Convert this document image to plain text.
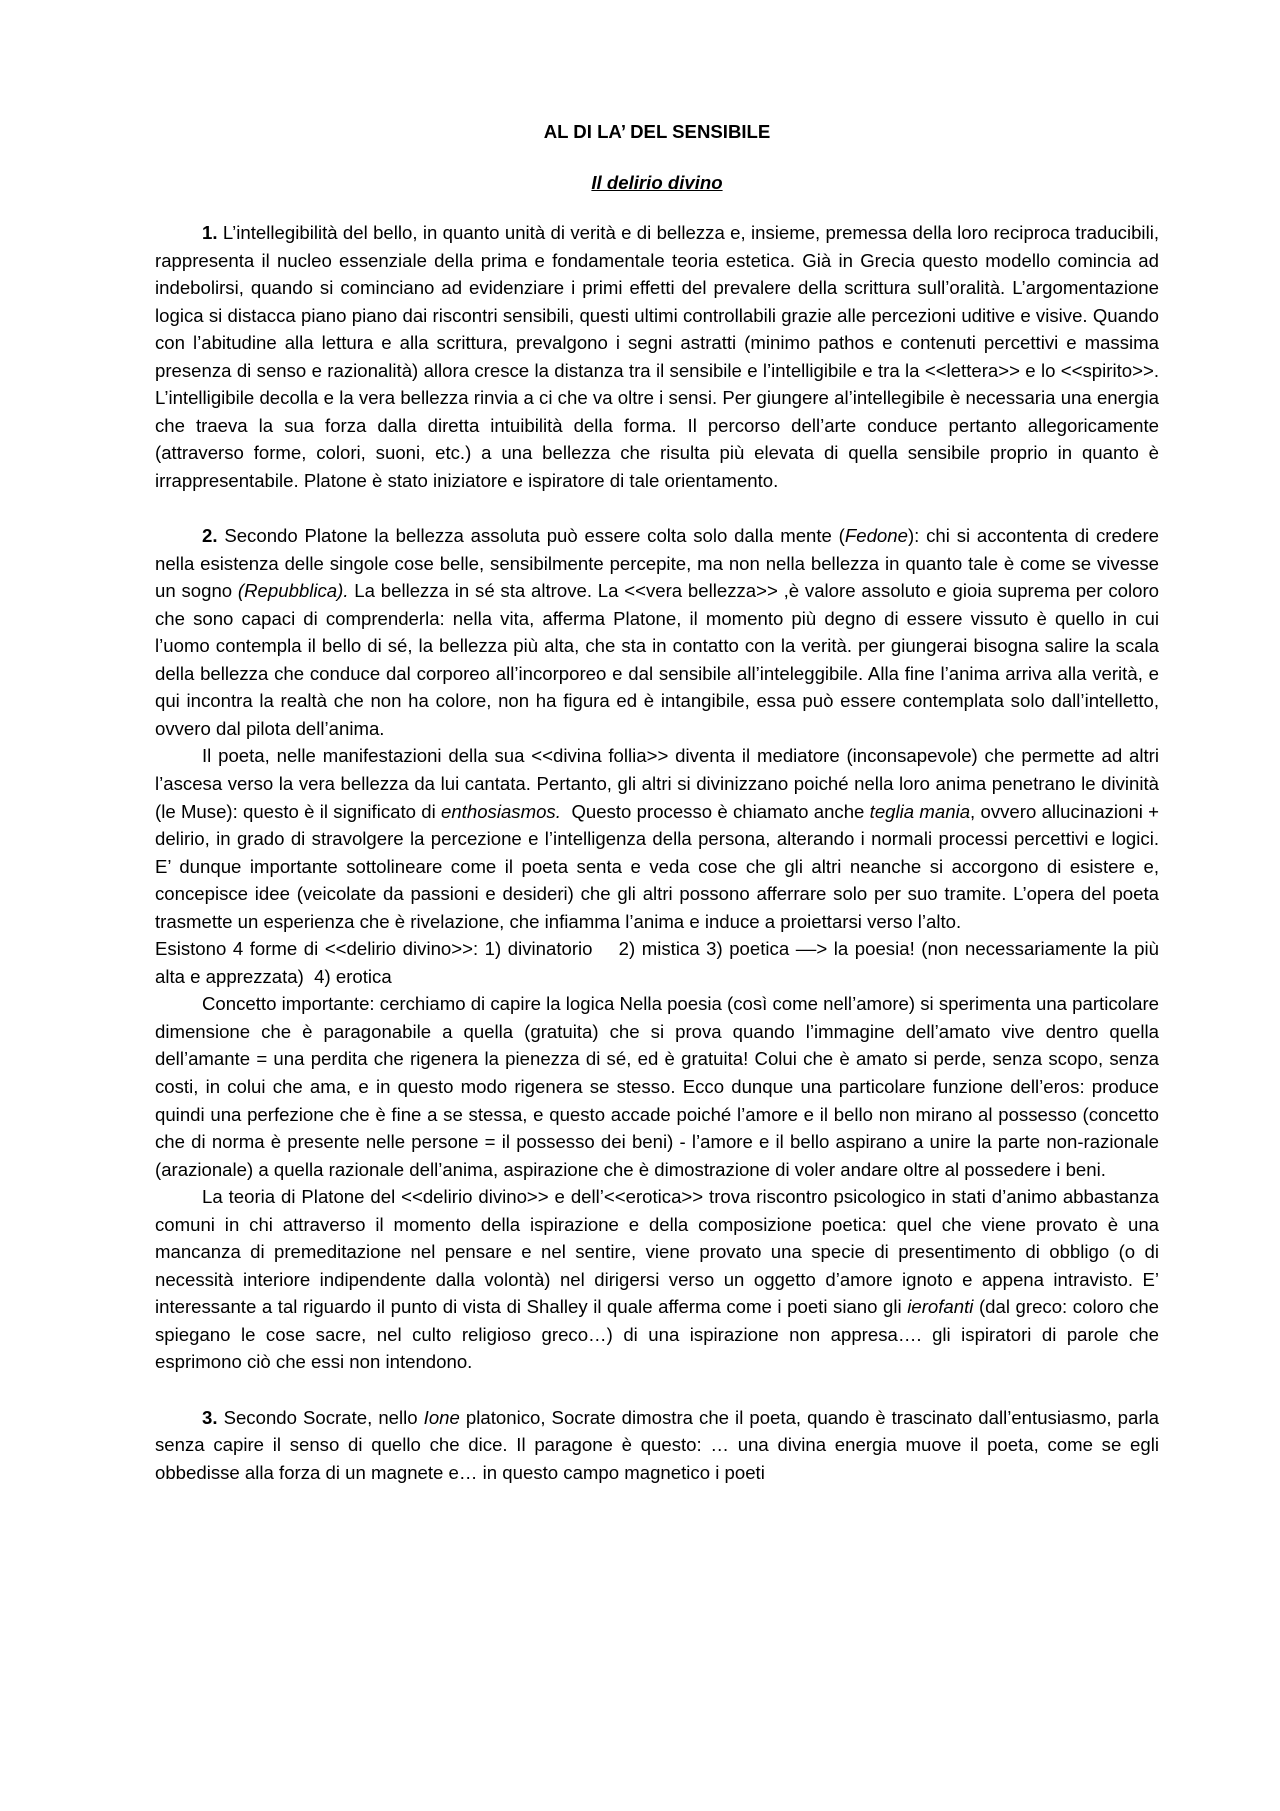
AL DI LA’ DEL SENSIBILE
Il delirio divino

1. L’intellegibilità del bello, in quanto unità di verità e di bellezza e, insieme, premessa della loro reciproca traducibili, rappresenta il nucleo essenziale della prima e fondamentale teoria estetica. Già in Grecia questo modello comincia ad indebolirsi, quando si cominciano ad evidenziare i primi effetti del prevalere della scrittura sull’oralità. L’argomentazione logica si distacca piano piano dai riscontri sensibili, questi ultimi controllabili grazie alle percezioni uditive e visive. Quando con l’abitudine alla lettura e alla scrittura, prevalgono i segni astratti (minimo pathos e contenuti percettivi e massima presenza di senso e razionalità) allora cresce la distanza tra il sensibile e l’intelligibile e tra la <<lettera>> e lo <<spirito>>. L’intelligibile decolla e la vera bellezza rinvia a ci che va oltre i sensi. Per giungere al’intellegibile è necessaria una energia che traeva la sua forza dalla diretta intuibilità della forma. Il percorso dell’arte conduce pertanto allegoricamente (attraverso forme, colori, suoni, etc.) a una bellezza che risulta più elevata di quella sensibile proprio in quanto è irrappresentabile. Platone è stato iniziatore e ispiratore di tale orientamento.

2. Secondo Platone la bellezza assoluta può essere colta solo dalla mente (Fedone): chi si accontenta di credere nella esistenza delle singole cose belle, sensibilmente percepite, ma non nella bellezza in quanto tale è come se vivesse un sogno (Repubblica). La bellezza in sé sta altrove. La <<vera bellezza>> ,è valore assoluto e gioia suprema per coloro che sono capaci di comprenderla: nella vita, afferma Platone, il momento più degno di essere vissuto è quello in cui l’uomo contempla il bello di sé, la bellezza più alta, che sta in contatto con la verità. per giungerai bisogna salire la scala della bellezza che conduce dal corporeo all’incorporeo e dal sensibile all’inteleggibile. Alla fine l’anima arriva alla verità, e qui incontra la realtà che non ha colore, non ha figura ed è intangibile, essa può essere contemplata solo dall’intelletto, ovvero dal pilota dell’anima.

Il poeta, nelle manifestazioni della sua <<divina follia>> diventa il mediatore (inconsapevole) che permette ad altri l’ascesa verso la vera bellezza da lui cantata. Pertanto, gli altri si divinizzano poiché nella loro anima penetrano le divinità (le Muse): questo è il significato di enthosiasmos.  Questo processo è chiamato anche teglia mania, ovvero allucinazioni + delirio, in grado di stravolgere la percezione e l’intelligenza della persona, alterando i normali processi percettivi e logici. E’ dunque importante sottolineare come il poeta senta e veda cose che gli altri neanche si accorgono di esistere e, concepisce idee (veicolate da passioni e desideri) che gli altri possono afferrare solo per suo tramite. L’opera del poeta trasmette un esperienza che è rivelazione, che infiamma l’anima e induce a proiettarsi verso l’alto.

Esistono 4 forme di <<delirio divino>>: 1) divinatorio    2) mistica 3) poetica ––> la poesia! (non necessariamente la più alta e apprezzata)  4) erotica

Concetto importante: cerchiamo di capire la logica Nella poesia (così come nell’amore) si sperimenta una particolare dimensione che è paragonabile a quella (gratuita) che si prova quando l’immagine dell’amato vive dentro quella dell’amante = una perdita che rigenera la pienezza di sé, ed è gratuita! Colui che è amato si perde, senza scopo, senza costi, in colui che ama, e in questo modo rigenera se stesso. Ecco dunque una particolare funzione dell’eros: produce quindi una perfezione che è fine a se stessa, e questo accade poiché l’amore e il bello non mirano al possesso (concetto che di norma è presente nelle persone = il possesso dei beni) - l’amore e il bello aspirano a unire la parte non-razionale (arazionale) a quella razionale dell’anima, aspirazione che è dimostrazione di voler andare oltre al possedere i beni.

La teoria di Platone del <<delirio divino>> e dell’<<erotica>> trova riscontro psicologico in stati d’animo abbastanza comuni in chi attraverso il momento della ispirazione e della composizione poetica: quel che viene provato è una mancanza di premeditazione nel pensare e nel sentire, viene provato una specie di presentimento di obbligo (o di necessità interiore indipendente dalla volontà) nel dirigersi verso un oggetto d’amore ignoto e appena intravisto. E’ interessante a tal riguardo il punto di vista di Shalley il quale afferma come i poeti siano gli ierofanti (dal greco: coloro che spiegano le cose sacre, nel culto religioso greco…) di una ispirazione non appresa…. gli ispiratori di parole che esprimono ciò che essi non intendono.

3. Secondo Socrate, nello Ione platonico, Socrate dimostra che il poeta, quando è trascinato dall’entusiasmo, parla senza capire il senso di quello che dice. Il paragone è questo: … una divina energia muove il poeta, come se egli obbedisse alla forza di un magnete e… in questo campo magnetico i poeti
